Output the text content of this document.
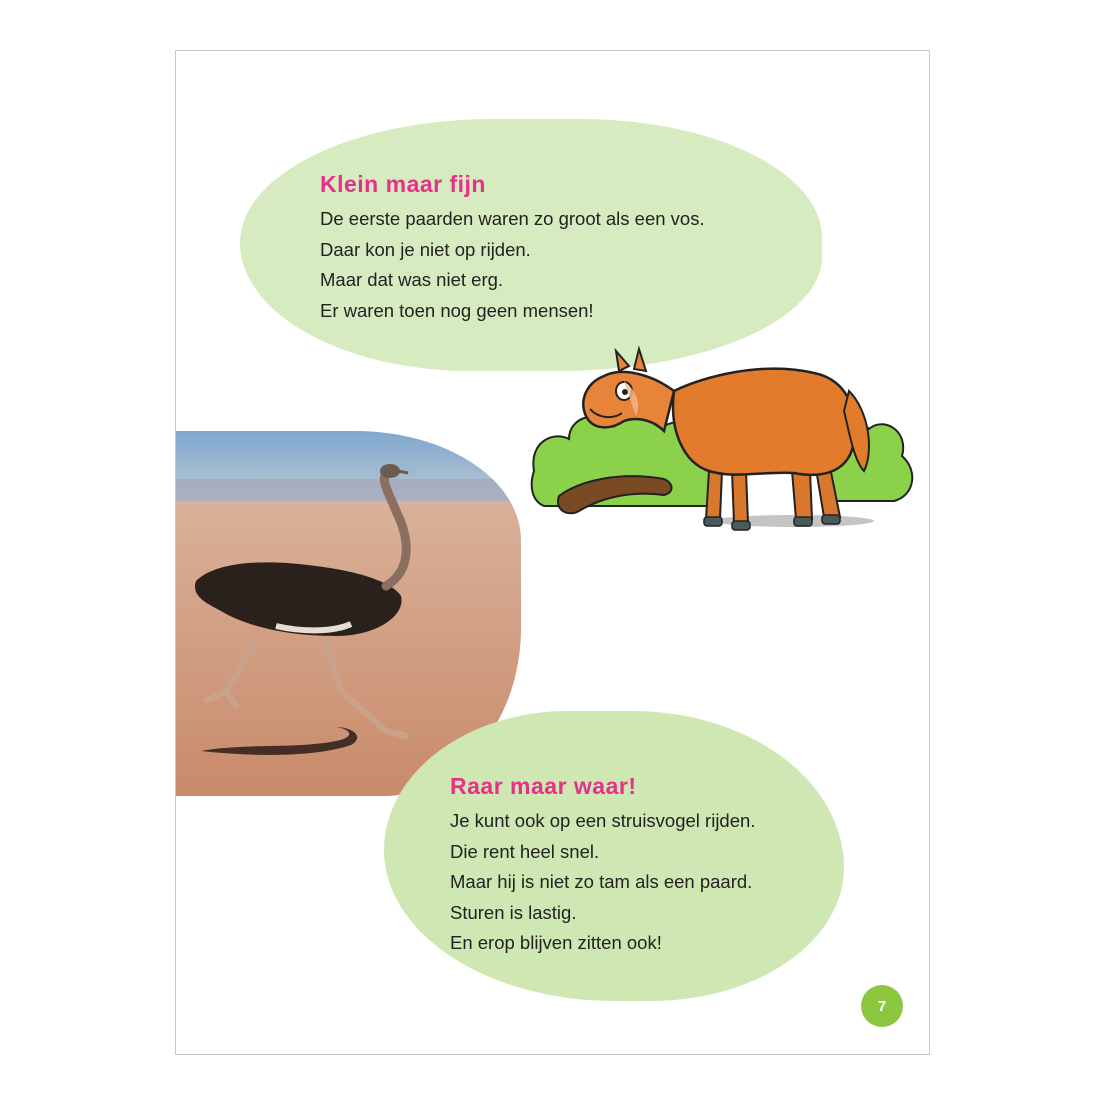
Klein maar fijn

De eerste paarden waren zo groot als een vos.

Daar kon je niet op rijden.

Maar dat was niet erg.

Er waren toen nog geen mensen!

Raar maar waar!

Je kunt ook op een struisvogel rijden.

Die rent heel snel.

Maar hij is niet zo tam als een paard.

Sturen is lastig.

En erop blijven zitten ook!

7
